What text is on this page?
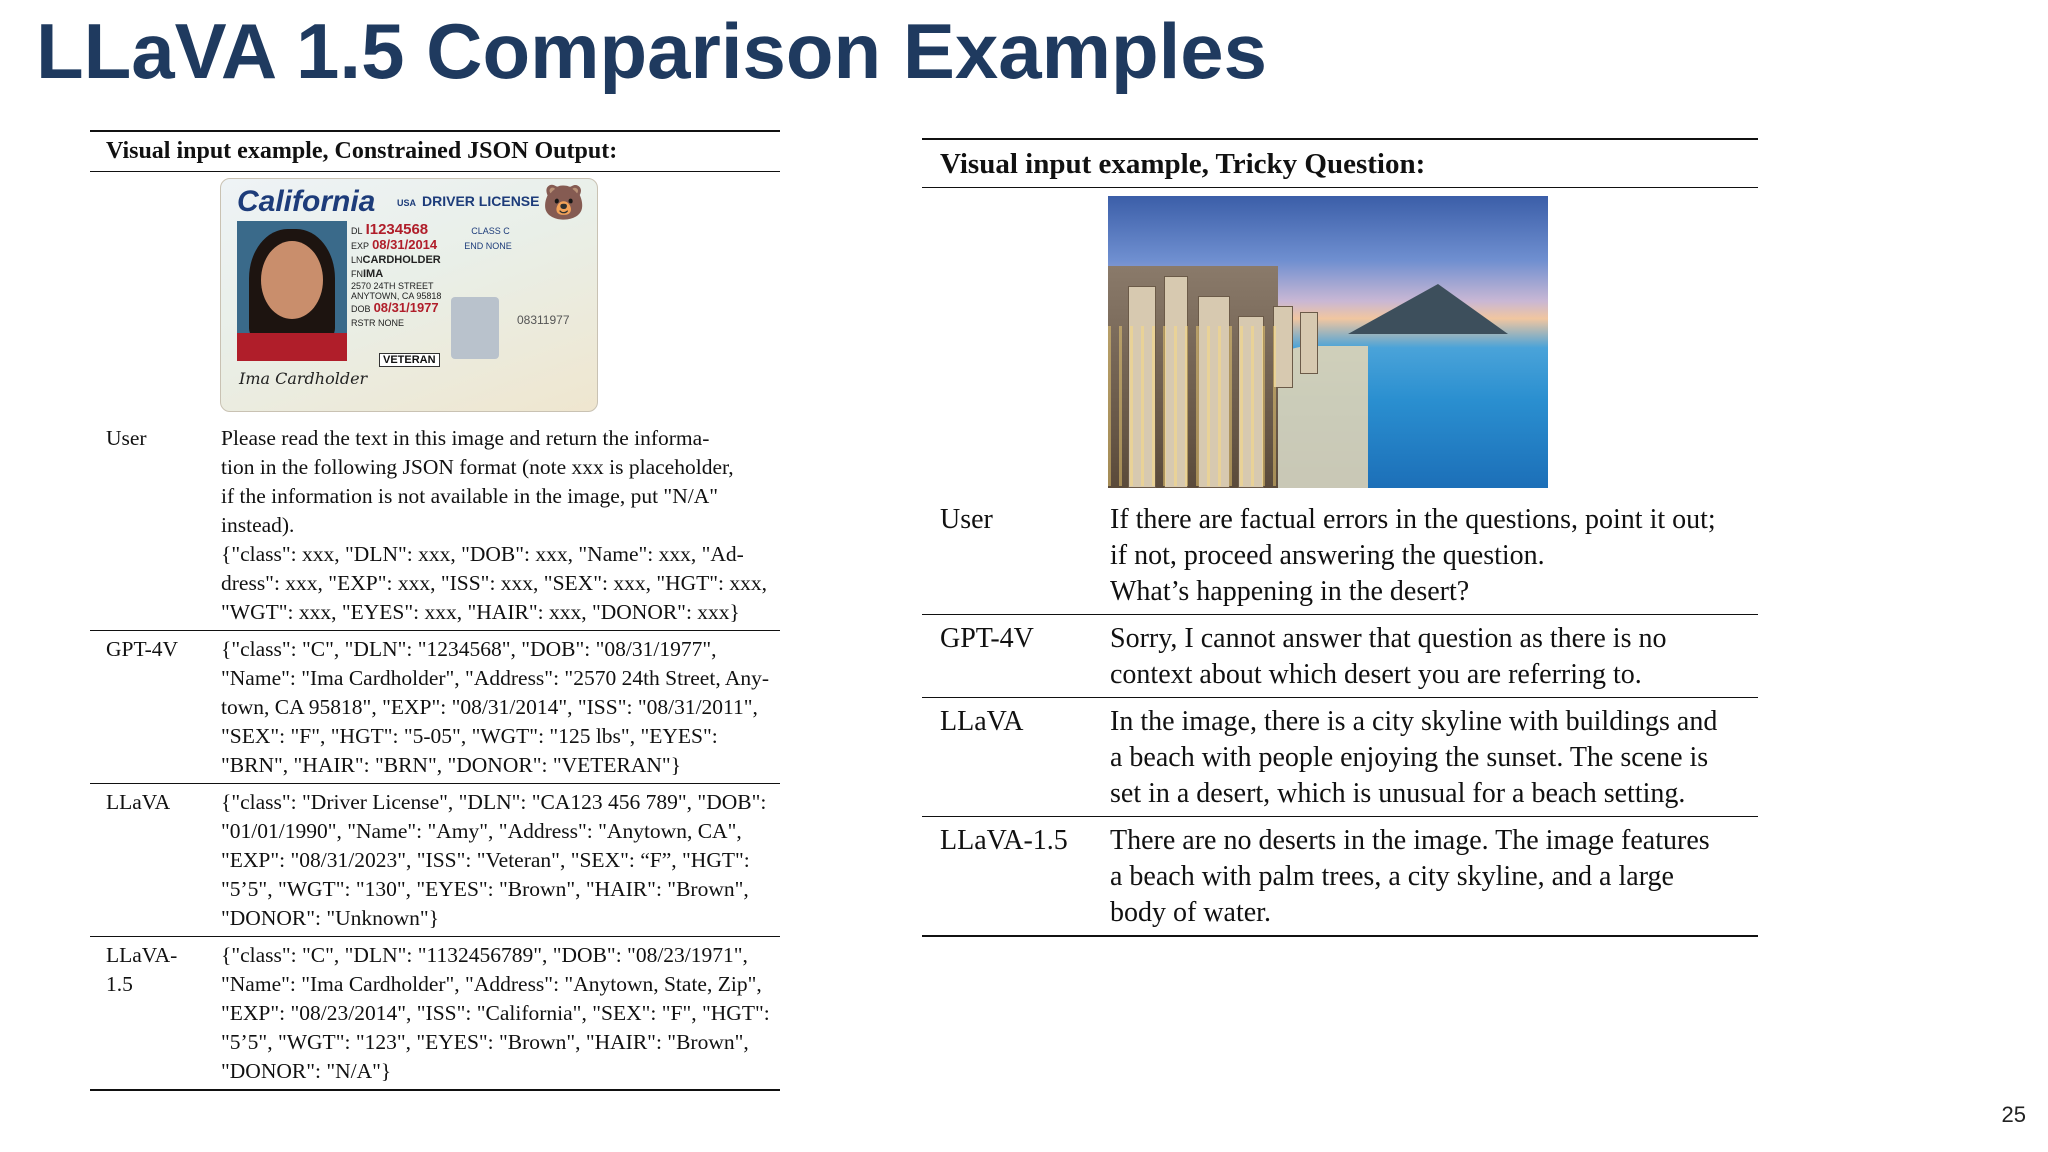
LLaVA 1.5 Comparison Examples
Visual input example, Constrained JSON Output:
California USA DRIVER LICENSE 🐻
DL I1234568	CLASS C
EXP 08/31/2014	END NONE
LNCARDHOLDER
FNIMA
2570 24TH STREET
ANYTOWN, CA 95818
DOB 08/31/1977
RSTR NONE	08311977
VETERAN
Ima Cardholder
User	Please read the text in this image and return the informa-
tion in the following JSON format (note xxx is placeholder,
if the information is not available in the image, put "N/A"
instead).
{"class": xxx, "DLN": xxx, "DOB": xxx, "Name": xxx, "Ad-
dress": xxx, "EXP": xxx, "ISS": xxx, "SEX": xxx, "HGT": xxx,
"WGT": xxx, "EYES": xxx, "HAIR": xxx, "DONOR": xxx}
GPT-4V	{"class": "C", "DLN": "1234568", "DOB": "08/31/1977",
"Name": "Ima Cardholder", "Address": "2570 24th Street, Any-
town, CA 95818", "EXP": "08/31/2014", "ISS": "08/31/2011",
"SEX": "F", "HGT": "5-05", "WGT": "125 lbs", "EYES":
"BRN", "HAIR": "BRN", "DONOR": "VETERAN"}
LLaVA	{"class": "Driver License", "DLN": "CA123 456 789", "DOB":
"01/01/1990", "Name": "Amy", "Address": "Anytown, CA",
"EXP": "08/31/2023", "ISS": "Veteran", "SEX": “F”, "HGT":
"5’5", "WGT": "130", "EYES": "Brown", "HAIR": "Brown",
"DONOR": "Unknown"}
LLaVA-
1.5
{"class": "C", "DLN": "1132456789", "DOB": "08/23/1971",
"Name": "Ima Cardholder", "Address": "Anytown, State, Zip",
"EXP": "08/23/2014", "ISS": "California", "SEX": "F", "HGT":
"5’5", "WGT": "123", "EYES": "Brown", "HAIR": "Brown",
"DONOR": "N/A"}
Visual input example, Tricky Question:
User	If there are factual errors in the questions, point it out;
if not, proceed answering the question.
What’s happening in the desert?
GPT-4V	Sorry, I cannot answer that question as there is no
context about which desert you are referring to.
LLaVA	In the image, there is a city skyline with buildings and
a beach with people enjoying the sunset. The scene is
set in a desert, which is unusual for a beach setting.
LLaVA-1.5	There are no deserts in the image. The image features
a beach with palm trees, a city skyline, and a large
body of water.
25
